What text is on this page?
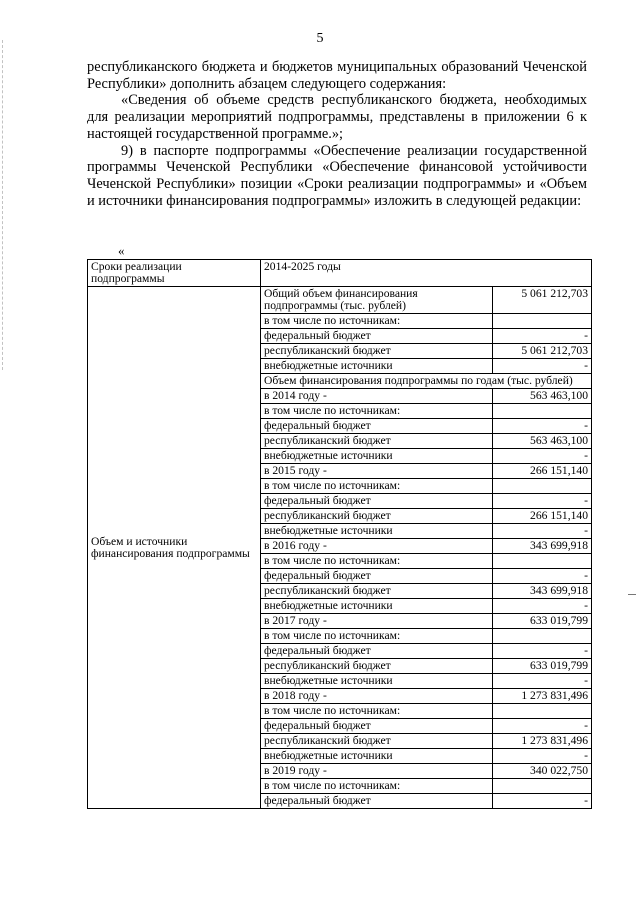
5

республиканского бюджета и бюджетов муниципальных образований Чеченской Республики» дополнить абзацем следующего содержания:

«Сведения об объеме средств республиканского бюджета, необходимых для реализации мероприятий подпрограммы, представлены в приложении 6 к настоящей государственной программе.»;

9) в паспорте подпрограммы «Обеспечение реализации государственной программы Чеченской Республики «Обеспечение финансовой устойчивости Чеченской Республики» позиции «Сроки реализации подпрограммы» и «Объем и источники финансирования подпрограммы» изложить в следующей редакции:

«
Сроки реализации подпрограммы	2014-2025 годы	
Объем и источники финансирования подпрограммы	Общий объем финансирования подпрограммы (тыс. рублей)	5 061 212,703
	в том числе по источникам:	
	федеральный бюджет	-
	республиканский бюджет	5 061 212,703
	внебюджетные источники	-
	Объем финансирования подпрограммы по годам (тыс. рублей)	
	в 2014 году -	563 463,100
	в том числе по источникам:	
	федеральный бюджет	-
	республиканский бюджет	563 463,100
	внебюджетные источники	-
	в 2015 году -	266 151,140
	в том числе по источникам:	
	федеральный бюджет	-
	республиканский бюджет	266 151,140
	внебюджетные источники	-
	в 2016 году -	343 699,918
	в том числе по источникам:	
	федеральный бюджет	-
	республиканский бюджет	343 699,918
	внебюджетные источники	-
	в 2017 году -	633 019,799
	в том числе по источникам:	
	федеральный бюджет	-
	республиканский бюджет	633 019,799
	внебюджетные источники	-
	в 2018 году -	1 273 831,496
	в том числе по источникам:	
	федеральный бюджет	-
	республиканский бюджет	1 273 831,496
	внебюджетные источники	-
	в 2019 году -	340 022,750
	в том числе по источникам:	
	федеральный бюджет	-
